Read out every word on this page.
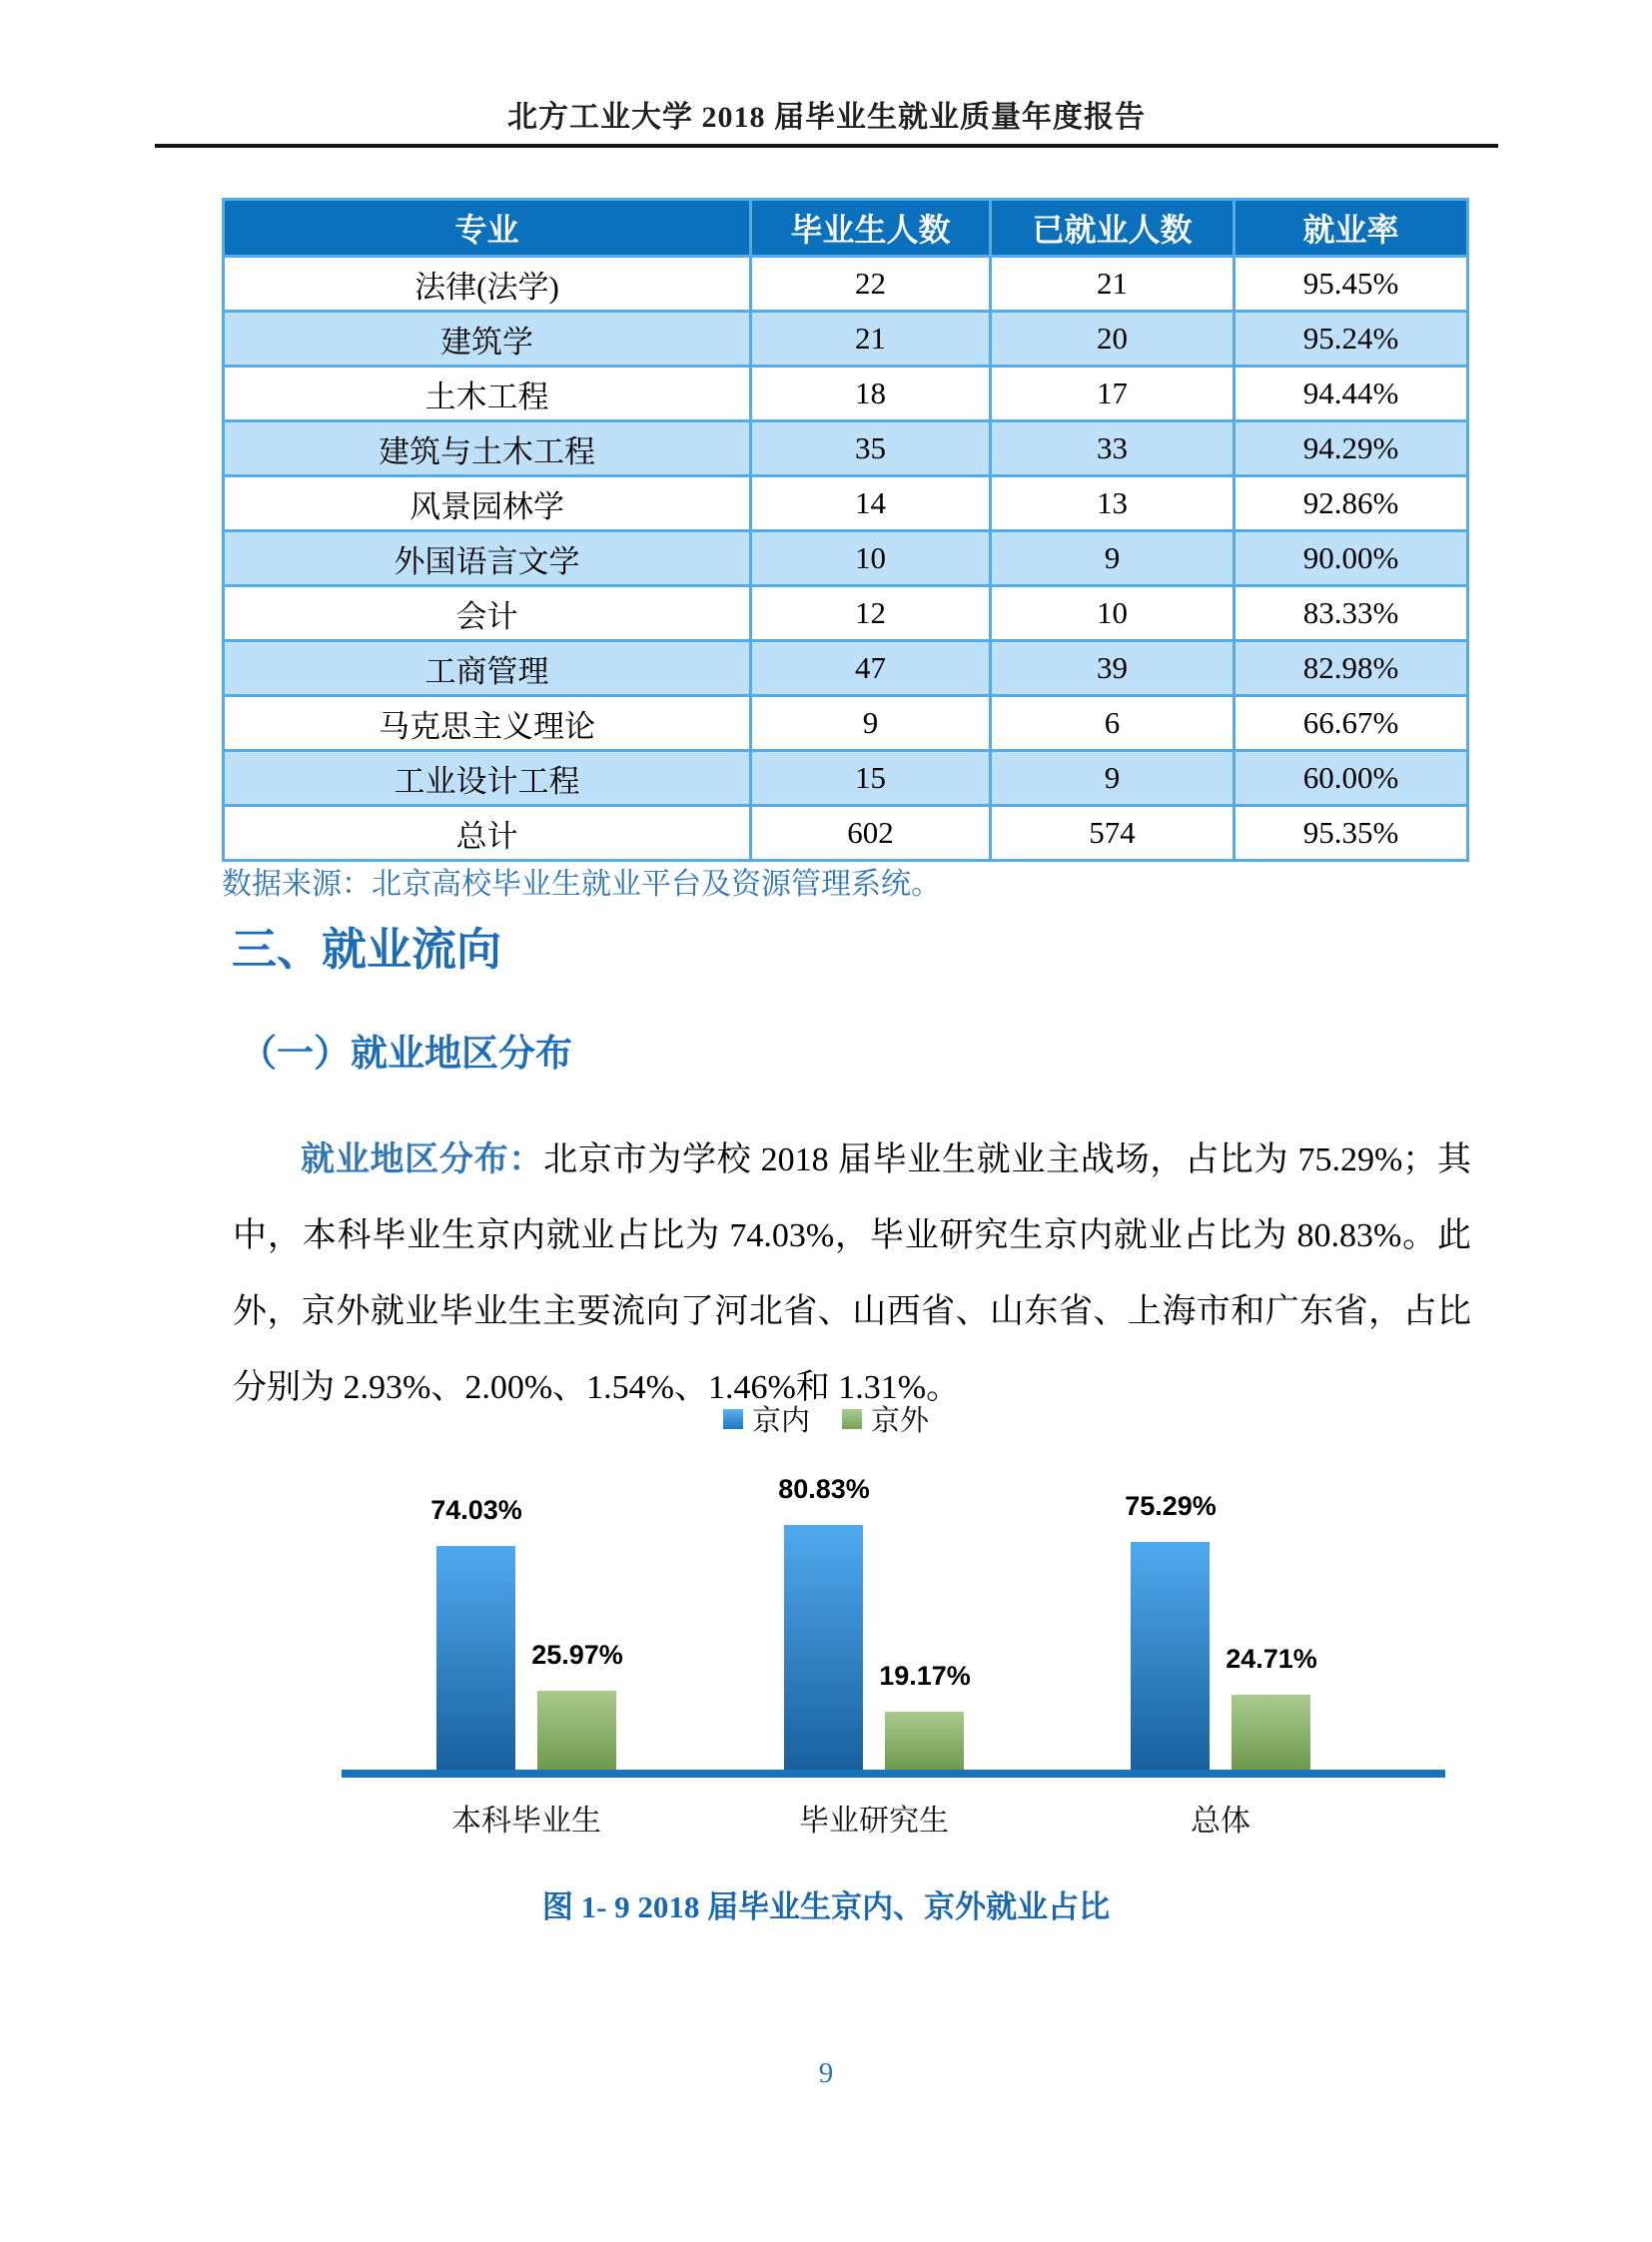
北方工业大学 2018 届毕业生就业质量年度报告
专业	毕业生人数	已就业人数	就业率
法律(法学)	22	21	95.45%
建筑学	21	20	95.24%
土木工程	18	17	94.44%
建筑与土木工程	35	33	94.29%
风景园林学	14	13	92.86%
外国语言文学	10	9	90.00%
会计	12	10	83.33%
工商管理	47	39	82.98%
马克思主义理论	9	6	66.67%
工业设计工程	15	9	60.00%
总计	602	574	95.35%
数据来源：北京高校毕业生就业平台及资源管理系统。
三、就业流向
（一）就业地区分布

就业地区分布：北京市为学校 2018 届毕业生就业主战场，占比为 75.29%；其中，本科毕业生京内就业占比为 74.03%，毕业研究生京内就业占比为 80.83%。此外，京外就业毕业生主要流向了河北省、山西省、山东省、上海市和广东省，占比分别为 2.93%、2.00%、1.54%、1.46%和 1.31%。

京内 京外
74.03%
25.97%
80.83%
19.17%
75.29%
24.71%
本科毕业生	毕业研究生	总体
图 1- 9 2018 届毕业生京内、京外就业占比
9
